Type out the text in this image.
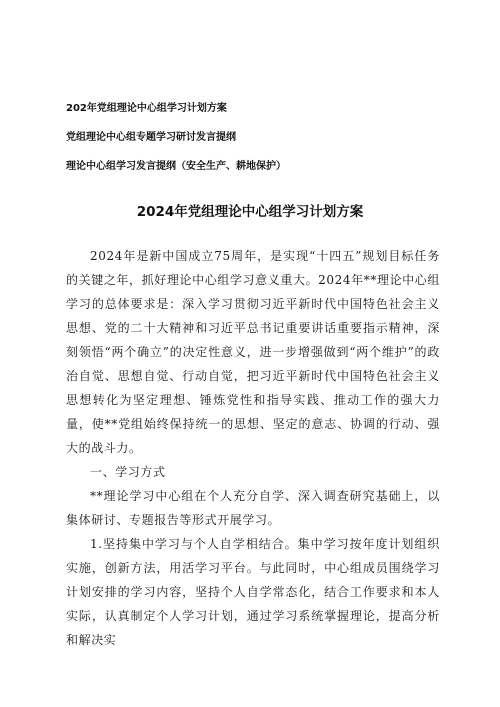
202年党组理论中心组学习计划方案
党组理论中心组专题学习研讨发言提纲
理论中心组学习发言提纲（安全生产、耕地保护）
2024年党组理论中心组学习计划方案

2024年是新中国成立75周年，是实现“十四五”规划目标任务的关键之年，抓好理论中心组学习意义重大。2024年**理论中心组学习的总体要求是：深入学习贯彻习近平新时代中国特色社会主义思想、党的二十大精神和习近平总书记重要讲话重要指示精神，深刻领悟“两个确立”的决定性意义，进一步增强做到“两个维护”的政治自觉、思想自觉、行动自觉，把习近平新时代中国特色社会主义思想转化为坚定理想、锤炼党性和指导实践、推动工作的强大力量，使**党组始终保持统一的思想、坚定的意志、协调的行动、强大的战斗力。

一、学习方式

**理论学习中心组在个人充分自学、深入调查研究基础上，以集体研讨、专题报告等形式开展学习。

1.坚持集中学习与个人自学相结合。集中学习按年度计划组织实施，创新方法，用活学习平台。与此同时，中心组成员围绕学习计划安排的学习内容，坚持个人自学常态化，结合工作要求和本人实际，认真制定个人学习计划，通过学习系统掌握理论，提高分析和解决实
